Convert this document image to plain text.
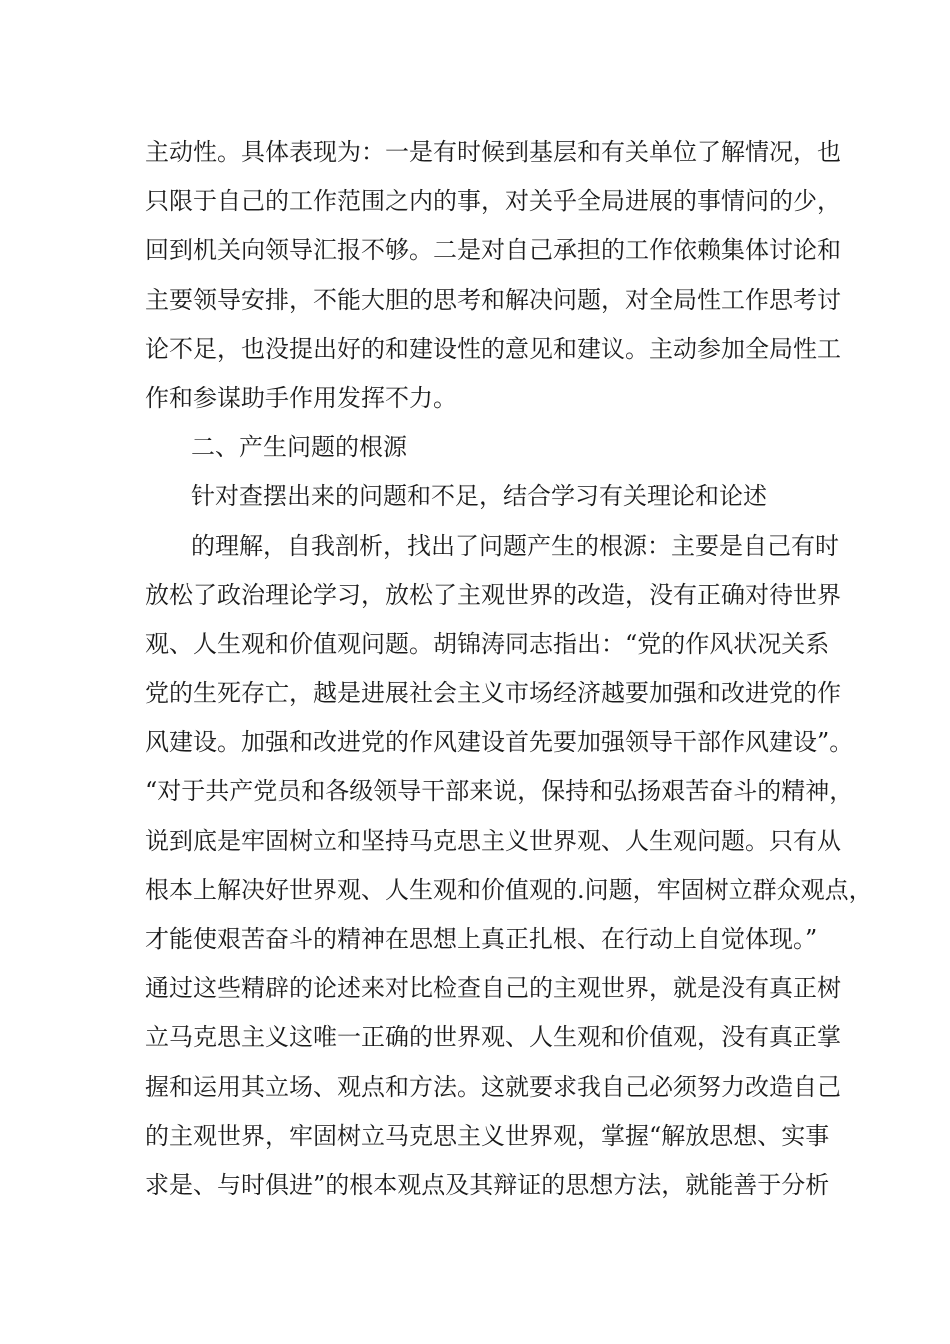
主动性。具体表现为：一是有时候到基层和有关单位了解情况，也
只限于自己的工作范围之内的事，对关乎全局进展的事情问的少，
回到机关向领导汇报不够。二是对自己承担的工作依赖集体讨论和
主要领导安排，不能大胆的思考和解决问题，对全局性工作思考讨
论不足，也没提出好的和建设性的意见和建议。主动参加全局性工
作和参谋助手作用发挥不力。
二、产生问题的根源
针对查摆出来的问题和不足，结合学习有关理论和论述
的理解，自我剖析，找出了问题产生的根源：主要是自己有时
放松了政治理论学习，放松了主观世界的改造，没有正确对待世界
观、人生观和价值观问题。胡锦涛同志指出：“党的作风状况关系
党的生死存亡，越是进展社会主义市场经济越要加强和改进党的作
风建设。加强和改进党的作风建设首先要加强领导干部作风建设”。
“对于共产党员和各级领导干部来说，保持和弘扬艰苦奋斗的精神，
说到底是牢固树立和坚持马克思主义世界观、人生观问题。只有从
根本上解决好世界观、人生观和价值观的.问题，牢固树立群众观点，
才能使艰苦奋斗的精神在思想上真正扎根、在行动上自觉体现。”
通过这些精辟的论述来对比检查自己的主观世界，就是没有真正树
立马克思主义这唯一正确的世界观、人生观和价值观，没有真正掌
握和运用其立场、观点和方法。这就要求我自己必须努力改造自己
的主观世界，牢固树立马克思主义世界观，掌握“解放思想、实事
求是、与时俱进”的根本观点及其辩证的思想方法，就能善于分析
